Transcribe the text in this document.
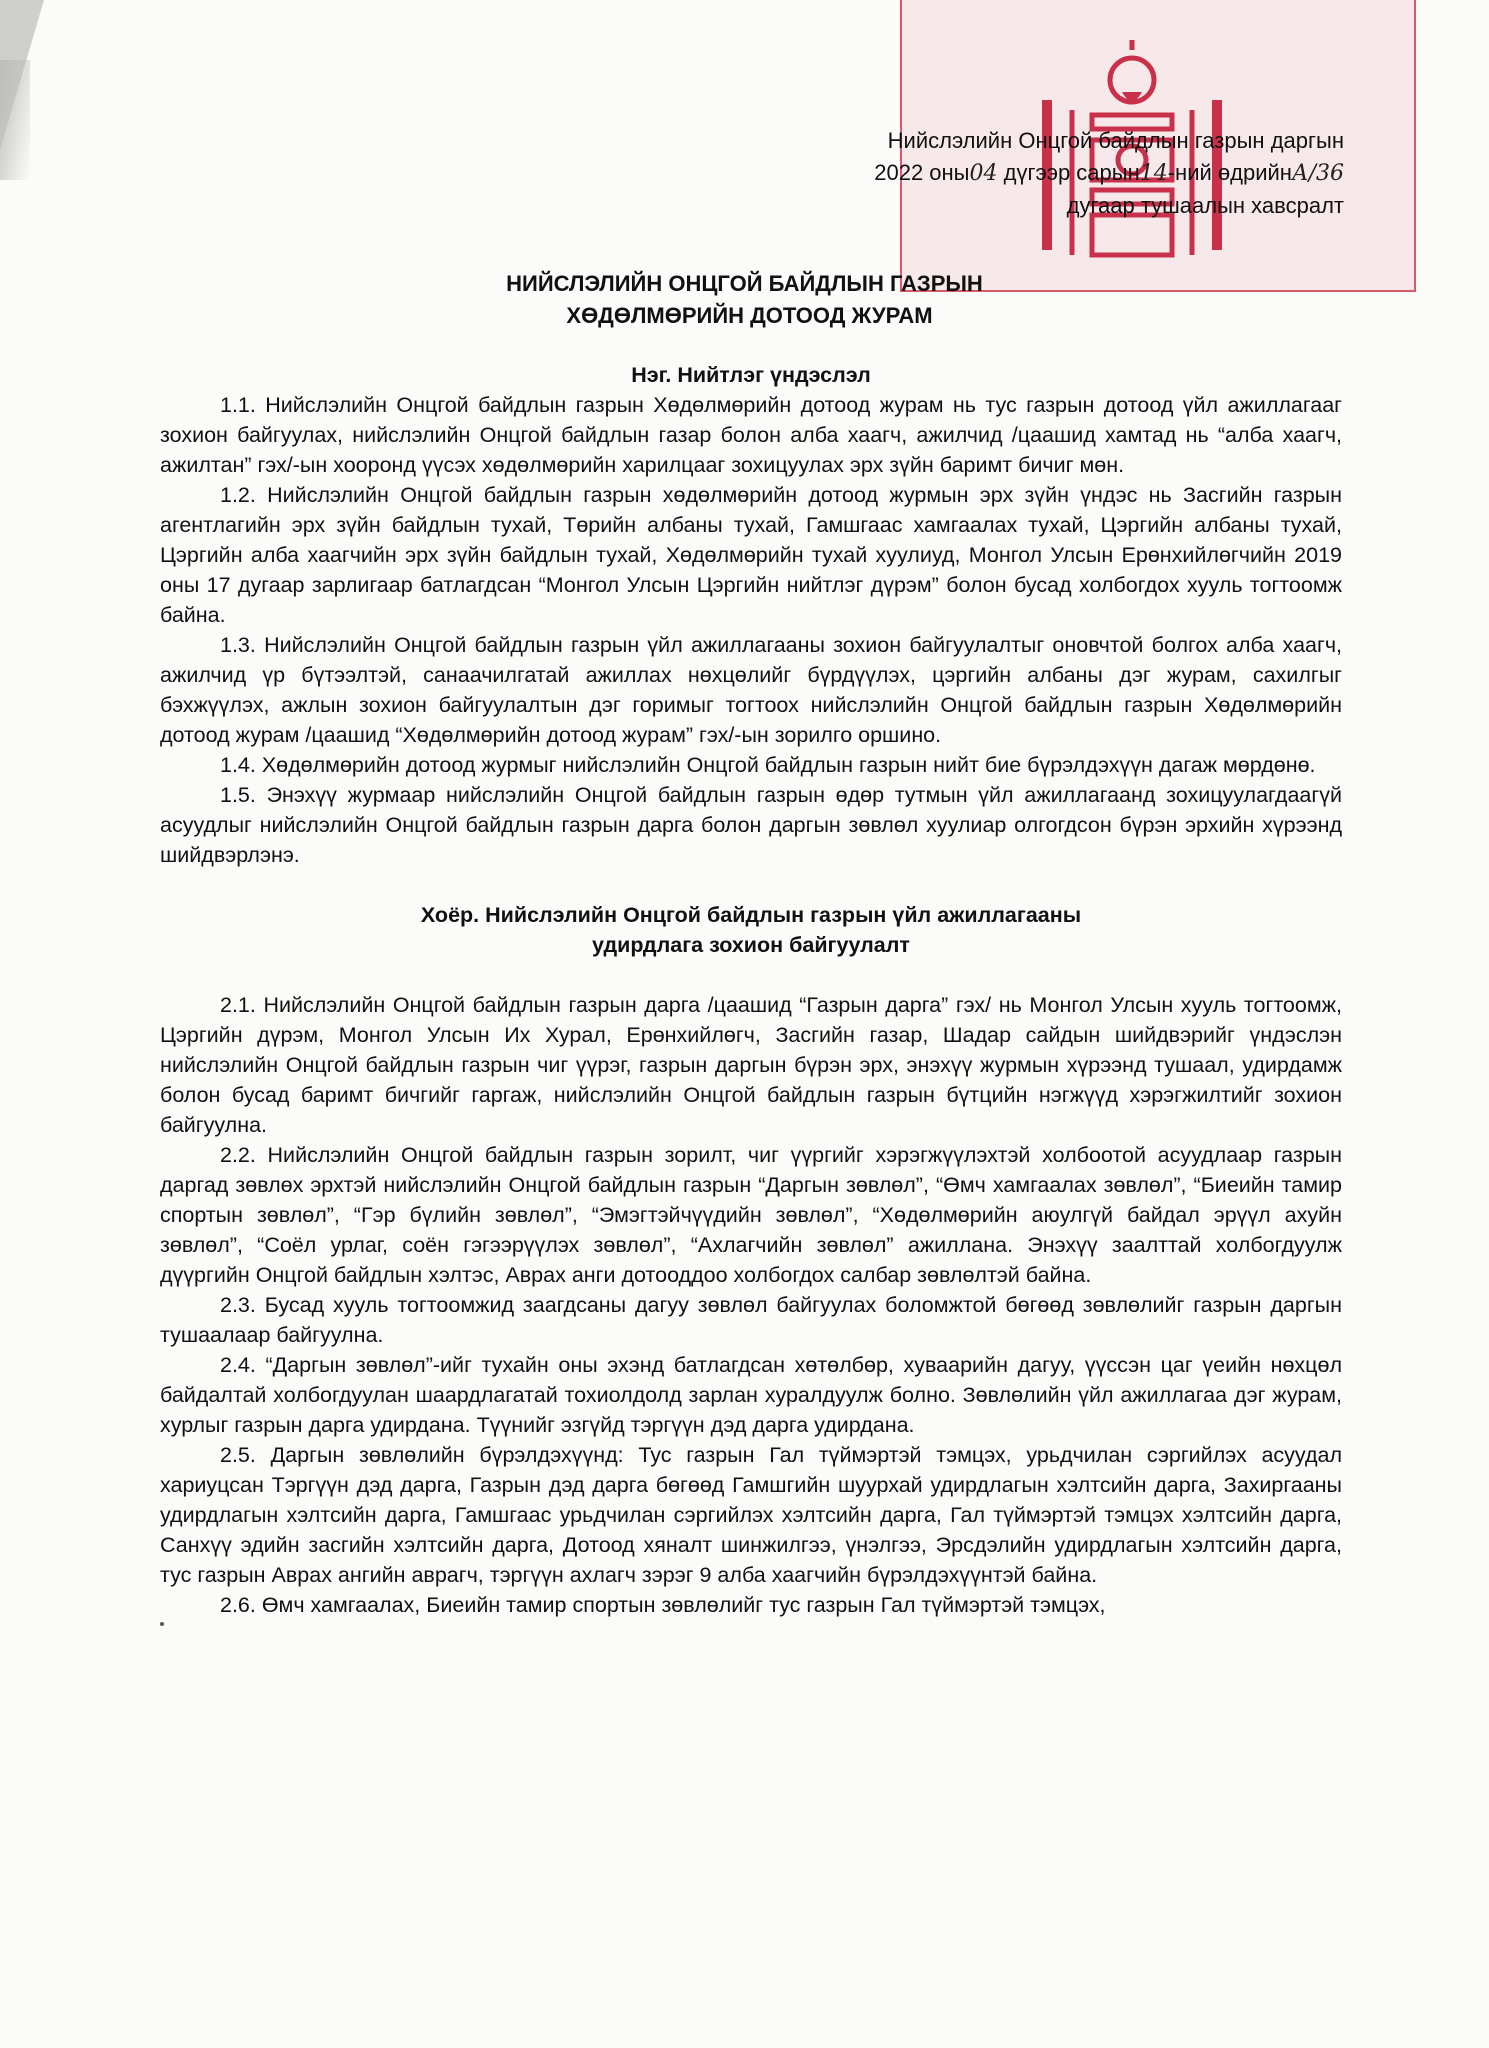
Нийслэлийн Онцгой байдлын газрын даргын
2022 оны04 дүгээр сарын14-ний өдрийнА/36
дугаар тушаалын хавсралт
НИЙСЛЭЛИЙН ОНЦГОЙ БАЙДЛЫН ГАЗРЫН
ХӨДӨЛМӨРИЙН ДОТООД ЖУРАМ

Нэг. Нийтлэг үндэслэл

1.1. Нийслэлийн Онцгой байдлын газрын Хөдөлмөрийн дотоод журам нь тус газрын дотоод үйл ажиллагааг зохион байгуулах, нийслэлийн Онцгой байдлын газар болон алба хаагч, ажилчид /цаашид хамтад нь “алба хаагч, ажилтан” гэх/-ын хооронд үүсэх хөдөлмөрийн харилцааг зохицуулах эрх зүйн баримт бичиг мөн.

1.2. Нийслэлийн Онцгой байдлын газрын хөдөлмөрийн дотоод журмын эрх зүйн үндэс нь Засгийн газрын агентлагийн эрх зүйн байдлын тухай, Төрийн албаны тухай, Гамшгаас хамгаалах тухай, Цэргийн албаны тухай, Цэргийн алба хаагчийн эрх зүйн байдлын тухай, Хөдөлмөрийн тухай хуулиуд, Монгол Улсын Ерөнхийлөгчийн 2019 оны 17 дугаар зарлигаар батлагдсан “Монгол Улсын Цэргийн нийтлэг дүрэм” болон бусад холбогдох хууль тогтоомж байна.

1.3. Нийслэлийн Онцгой байдлын газрын үйл ажиллагааны зохион байгуулалтыг оновчтой болгох алба хаагч, ажилчид үр бүтээлтэй, санаачилгатай ажиллах нөхцөлийг бүрдүүлэх, цэргийн албаны дэг журам, сахилгыг бэхжүүлэх, ажлын зохион байгуулалтын дэг горимыг тогтоох нийслэлийн Онцгой байдлын газрын Хөдөлмөрийн дотоод журам /цаашид “Хөдөлмөрийн дотоод журам” гэх/-ын зорилго оршино.

1.4. Хөдөлмөрийн дотоод журмыг нийслэлийн Онцгой байдлын газрын нийт бие бүрэлдэхүүн дагаж мөрдөнө.

1.5. Энэхүү журмаар нийслэлийн Онцгой байдлын газрын өдөр тутмын үйл ажиллагаанд зохицуулагдаагүй асуудлыг нийслэлийн Онцгой байдлын газрын дарга болон даргын зөвлөл хуулиар олгогдсон бүрэн эрхийн хүрээнд шийдвэрлэнэ.

Хоёр. Нийслэлийн Онцгой байдлын газрын үйл ажиллагааны

удирдлага зохион байгуулалт

2.1. Нийслэлийн Онцгой байдлын газрын дарга /цаашид “Газрын дарга” гэх/ нь Монгол Улсын хууль тогтоомж, Цэргийн дүрэм, Монгол Улсын Их Хурал, Ерөнхийлөгч, Засгийн газар, Шадар сайдын шийдвэрийг үндэслэн нийслэлийн Онцгой байдлын газрын чиг үүрэг, газрын даргын бүрэн эрх, энэхүү журмын хүрээнд тушаал, удирдамж болон бусад баримт бичгийг гаргаж, нийслэлийн Онцгой байдлын газрын бүтцийн нэгжүүд хэрэгжилтийг зохион байгуулна.

2.2. Нийслэлийн Онцгой байдлын газрын зорилт, чиг үүргийг хэрэгжүүлэхтэй холбоотой асуудлаар газрын даргад зөвлөх эрхтэй нийслэлийн Онцгой байдлын газрын “Даргын зөвлөл”, “Өмч хамгаалах зөвлөл”, “Биеийн тамир спортын зөвлөл”, “Гэр бүлийн зөвлөл”, “Эмэгтэйчүүдийн зөвлөл”, “Хөдөлмөрийн аюулгүй байдал эрүүл ахуйн зөвлөл”, “Соёл урлаг, соён гэгээрүүлэх зөвлөл”, “Ахлагчийн зөвлөл” ажиллана. Энэхүү заалттай холбогдуулж дүүргийн Онцгой байдлын хэлтэс, Аврах анги дотооддоо холбогдох салбар зөвлөлтэй байна.

2.3. Бусад хууль тогтоомжид заагдсаны дагуу зөвлөл байгуулах боломжтой бөгөөд зөвлөлийг газрын даргын тушаалаар байгуулна.

2.4. “Даргын зөвлөл”-ийг тухайн оны эхэнд батлагдсан хөтөлбөр, хуваарийн дагуу, үүссэн цаг үеийн нөхцөл байдалтай холбогдуулан шаардлагатай тохиолдолд зарлан хуралдуулж болно. Зөвлөлийн үйл ажиллагаа дэг журам, хурлыг газрын дарга удирдана. Түүнийг эзгүйд тэргүүн дэд дарга удирдана.

2.5. Даргын зөвлөлийн бүрэлдэхүүнд: Тус газрын Гал түймэртэй тэмцэх, урьдчилан сэргийлэх асуудал хариуцсан Тэргүүн дэд дарга, Газрын дэд дарга бөгөөд Гамшгийн шуурхай удирдлагын хэлтсийн дарга, Захиргааны удирдлагын хэлтсийн дарга, Гамшгаас урьдчилан сэргийлэх хэлтсийн дарга, Гал түймэртэй тэмцэх хэлтсийн дарга, Санхүү эдийн засгийн хэлтсийн дарга, Дотоод хяналт шинжилгээ, үнэлгээ, Эрсдэлийн удирдлагын хэлтсийн дарга, тус газрын Аврах ангийн аврагч, тэргүүн ахлагч зэрэг 9 алба хаагчийн бүрэлдэхүүнтэй байна.

2.6. Өмч хамгаалах, Биеийн тамир спортын зөвлөлийг тус газрын Гал түймэртэй тэмцэх,
